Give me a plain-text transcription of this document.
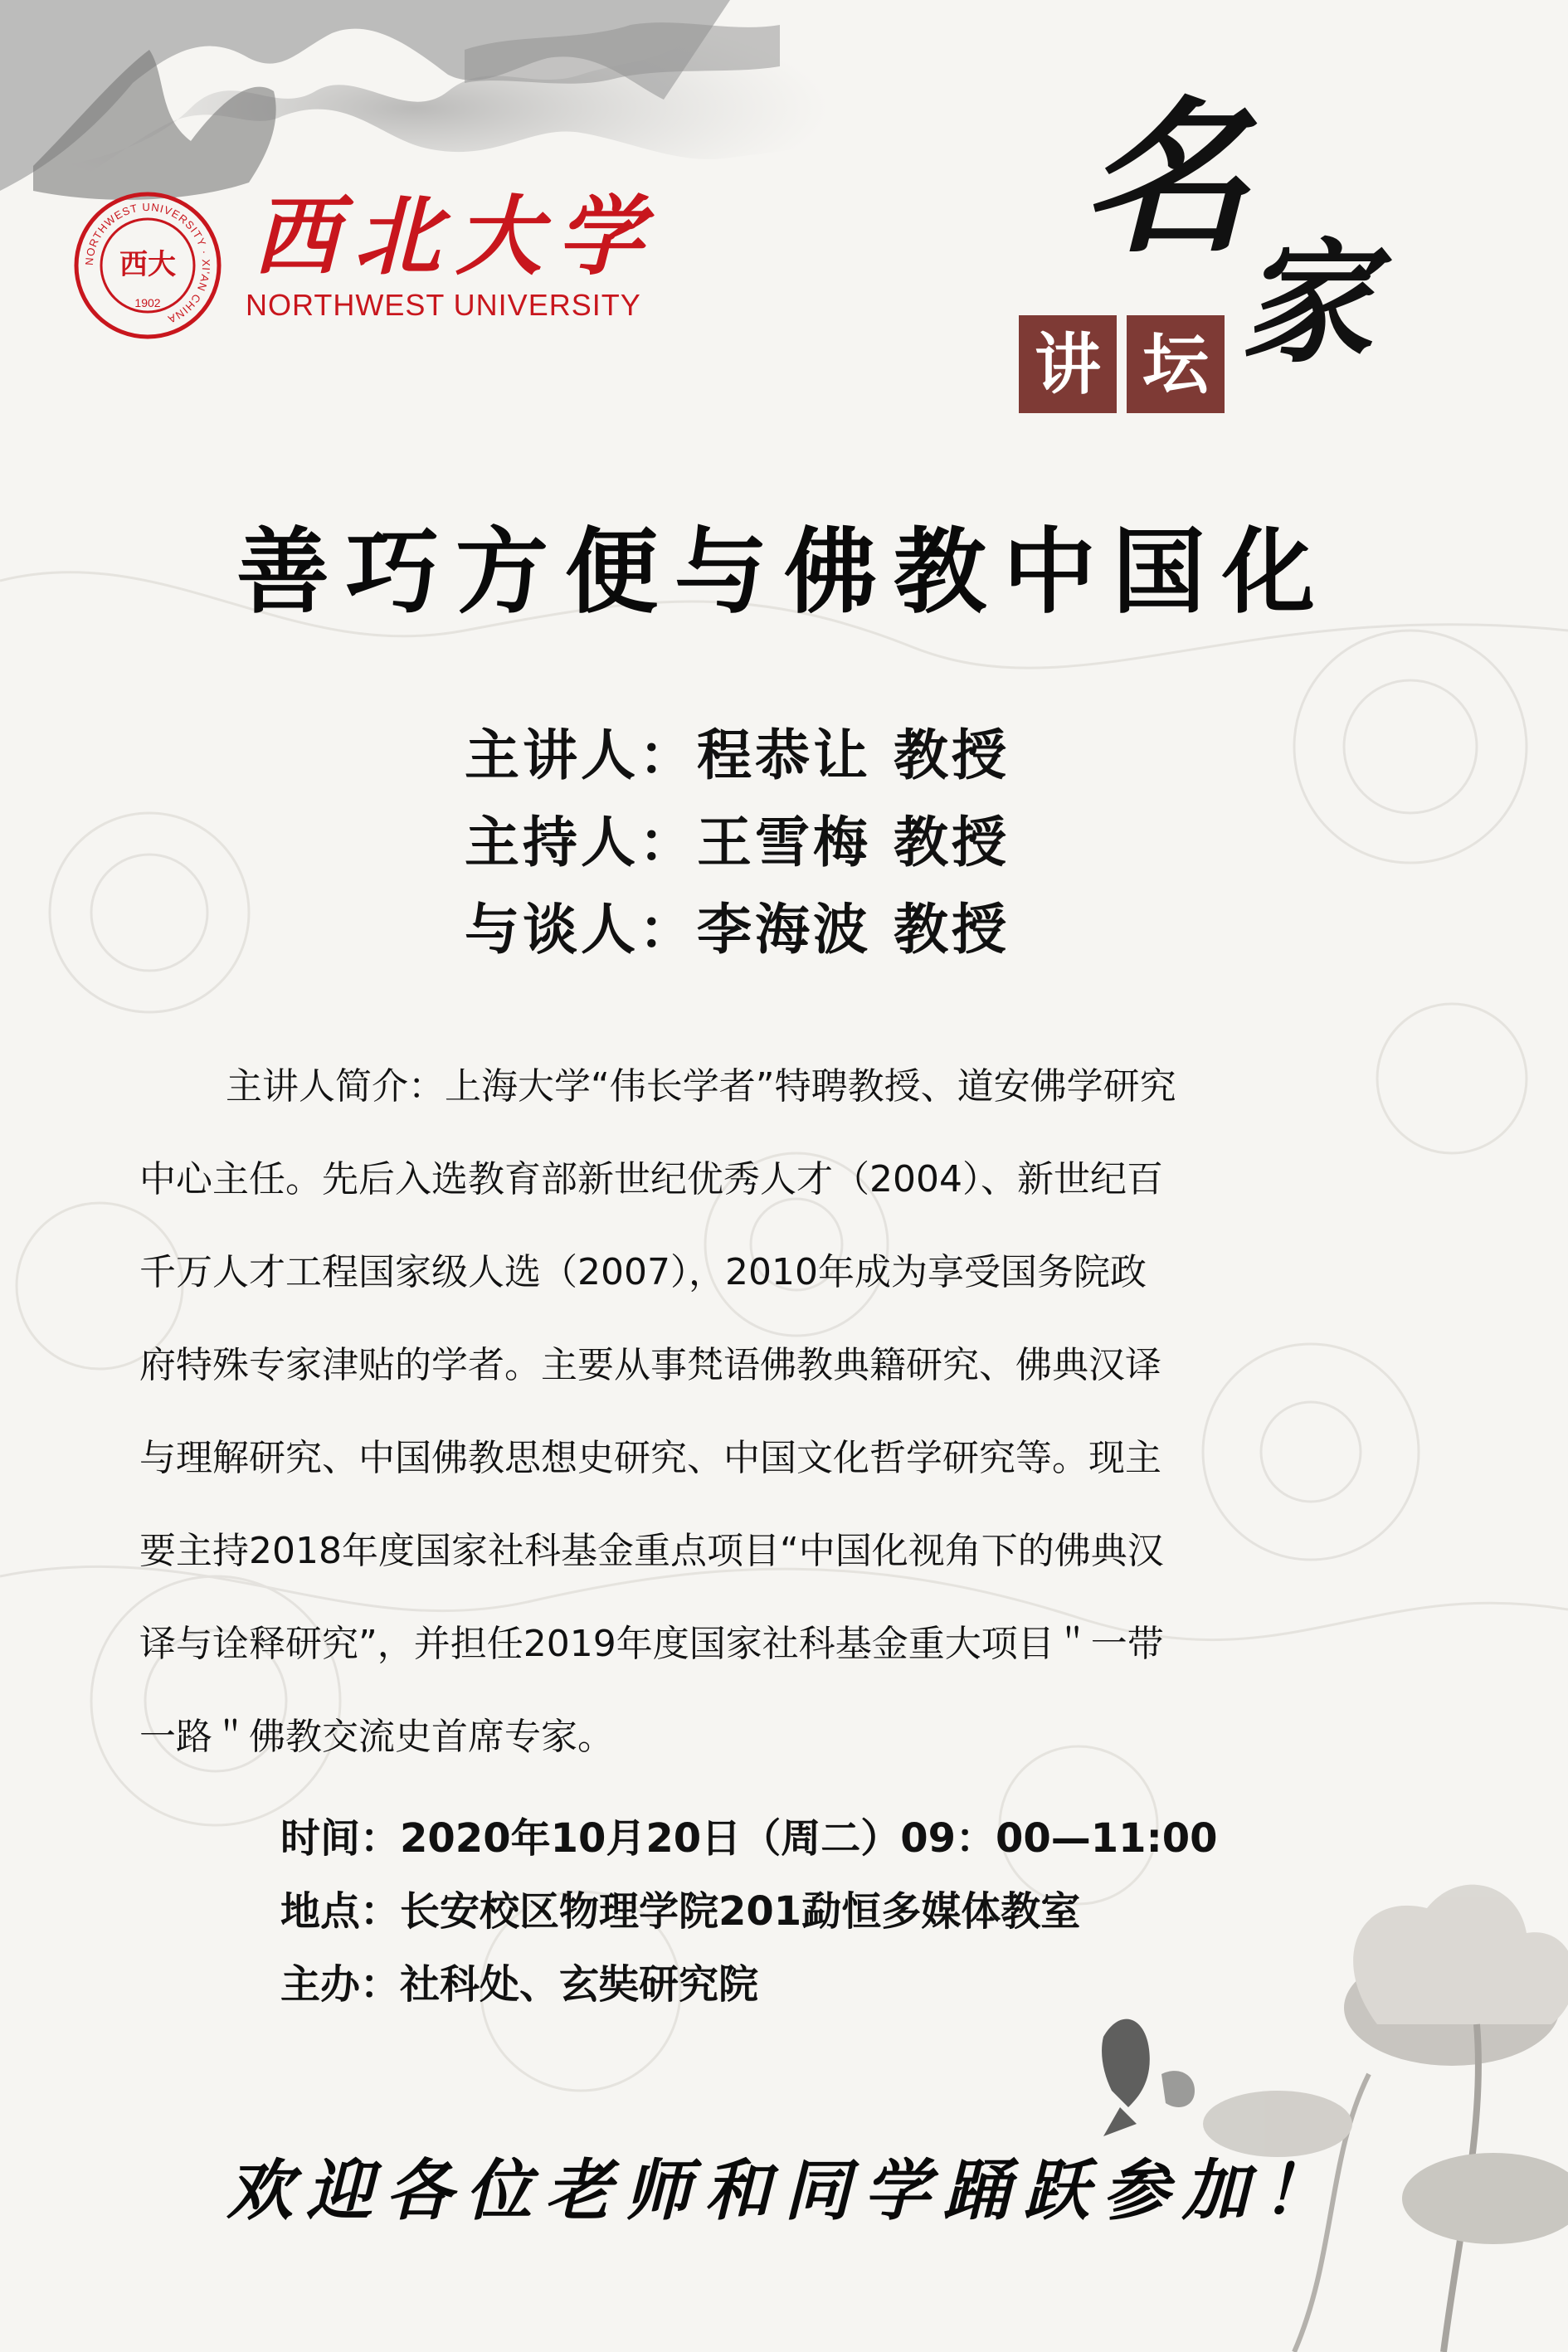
NORTHWEST UNIVERSITY · XI'AN CHINA
西大
1902
西北大学
NORTHWEST UNIVERSITY
名
家
讲 坛
善巧方便与佛教中国化
主讲人：程恭让 教授
主持人：王雪梅 教授
与谈人：李海波 教授
主讲人简介：上海大学“伟长学者”特聘教授、道安佛学研究
中心主任。先后入选教育部新世纪优秀人才（2004）、新世纪百
千万人才工程国家级人选（2007），2010年成为享受国务院政
府特殊专家津贴的学者。主要从事梵语佛教典籍研究、佛典汉译
与理解研究、中国佛教思想史研究、中国文化哲学研究等。现主
要主持2018年度国家社科基金重点项目“中国化视角下的佛典汉
译与诠释研究”，并担任2019年度国家社科基金重大项目＂一带
一路＂佛教交流史首席专家。
时间：2020年10月20日（周二）09：00—11:00
地点：长安校区物理学院201勐恒多媒体教室
主办：社科处、玄奘研究院
欢迎各位老师和同学踊跃参加！
